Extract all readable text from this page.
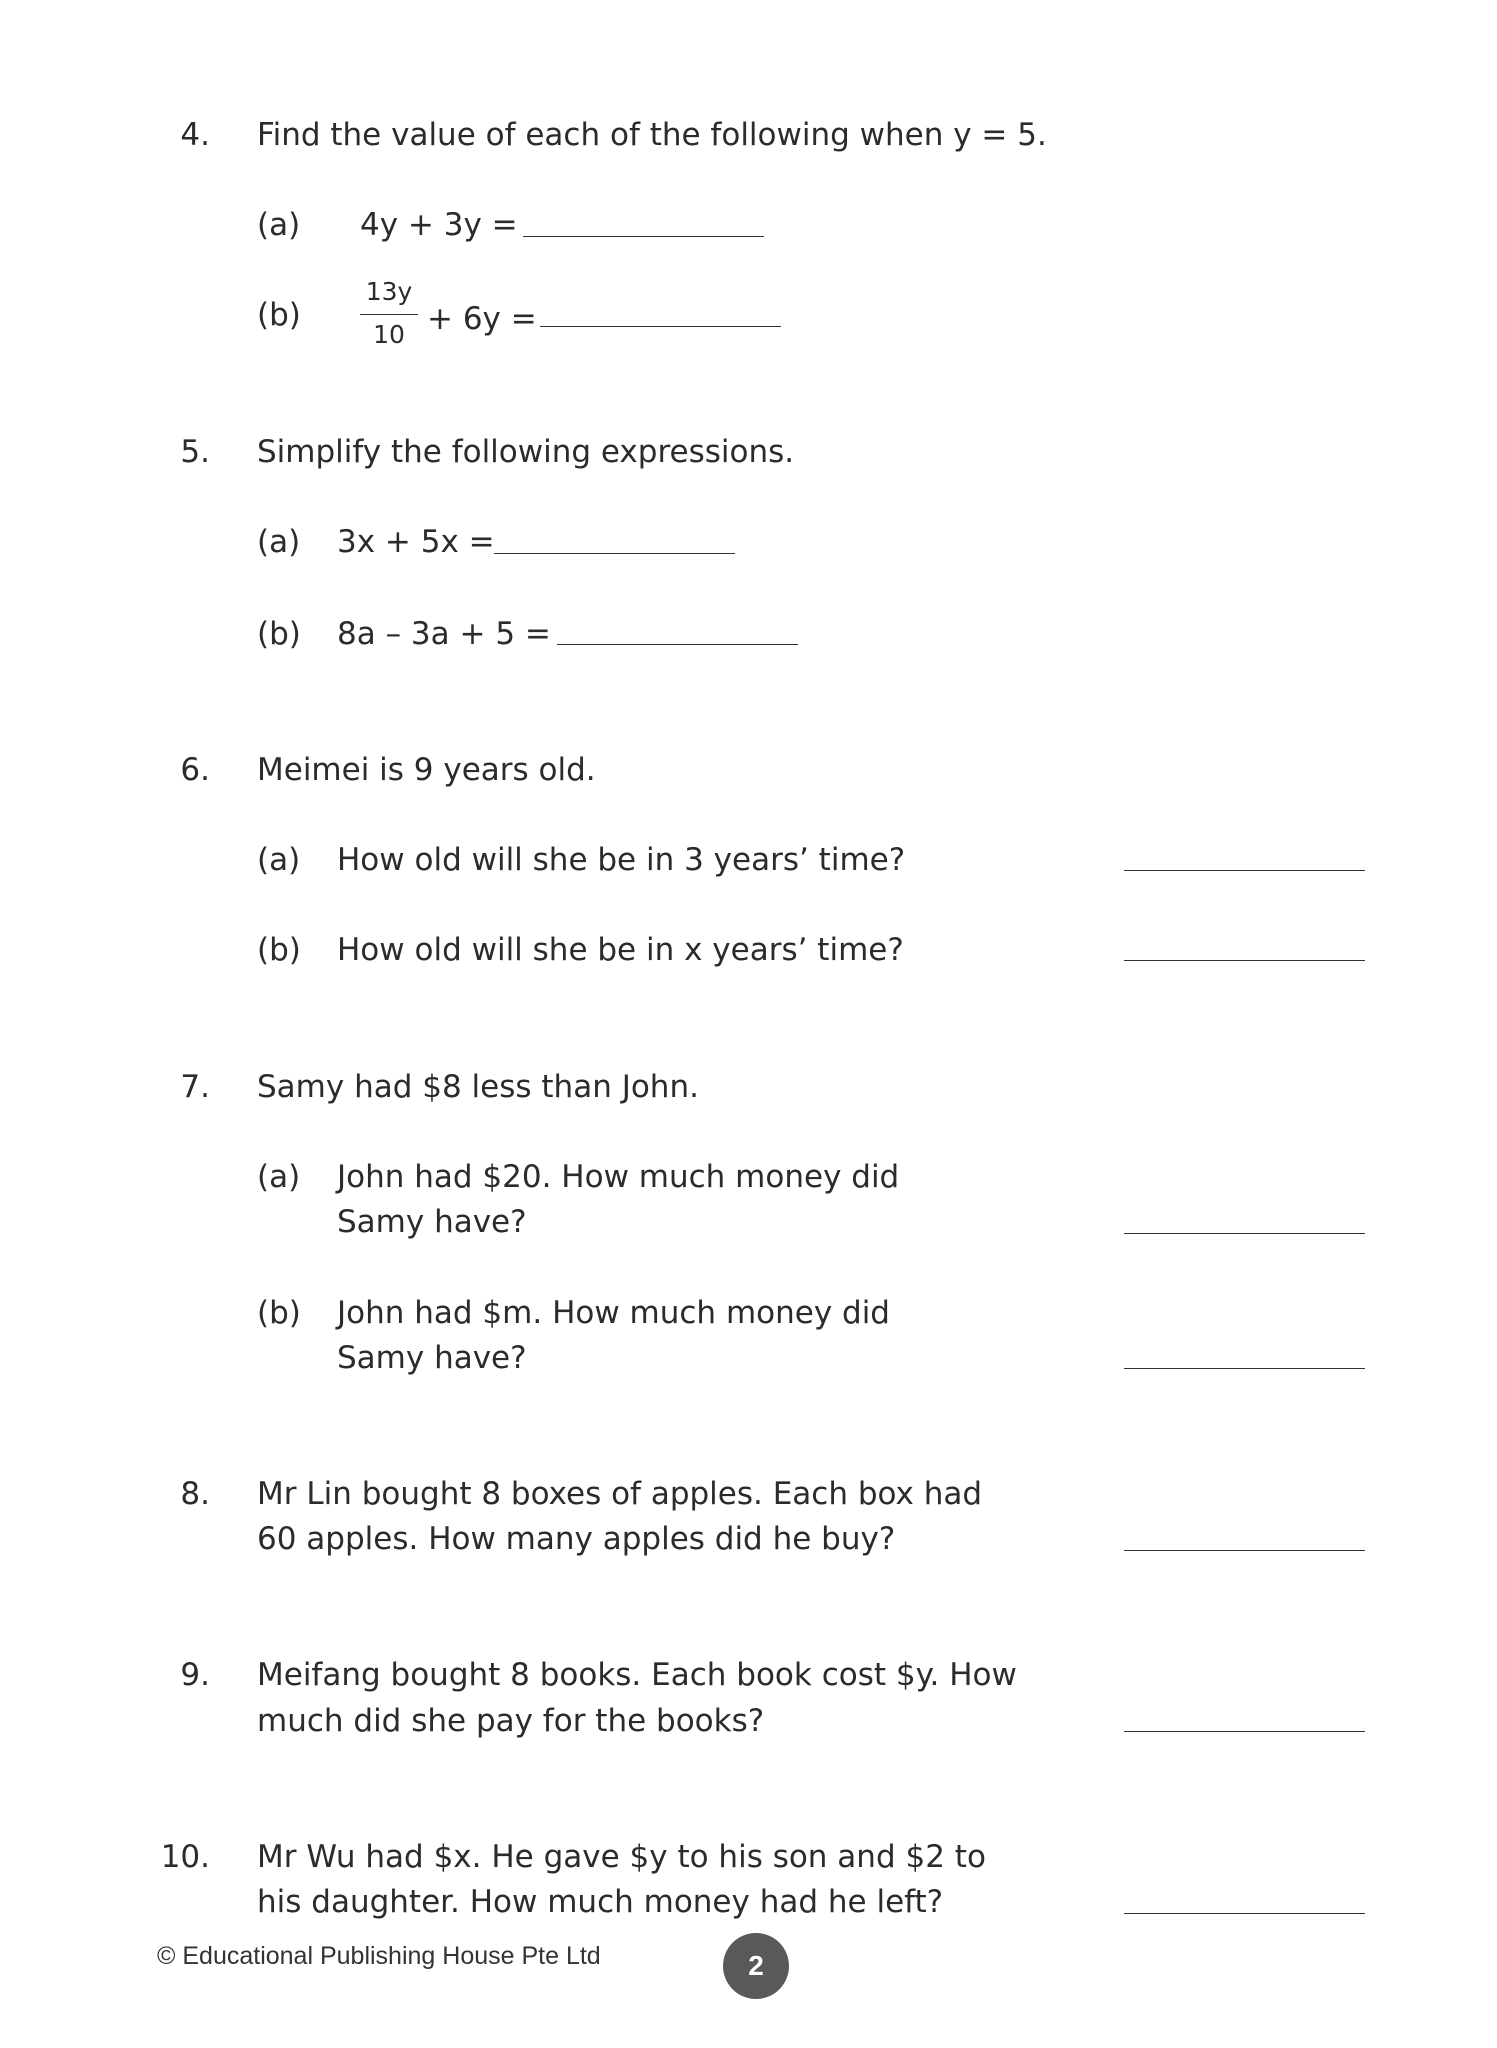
4. Find the value of each of the following when y = 5.
(a) 4y + 3y =
(b)
13y
10 + 6y =
5. Simplify the following expressions.
(a) 3x + 5x =
(b) 8a – 3a + 5 =
6. Meimei is 9 years old.
(a) How old will she be in 3 years’ time?
(b) How old will she be in x years’ time?
7. Samy had $8 less than John.
(a) John had $20. How much money did
Samy have?
(b) John had $m. How much money did
Samy have?
8. Mr Lin bought 8 boxes of apples. Each box had
60 apples. How many apples did he buy?
9. Meifang bought 8 books. Each book cost $y. How
much did she pay for the books?
10. Mr Wu had $x. He gave $y to his son and $2 to
his daughter. How much money had he left?
© Educational Publishing House Pte Ltd	2
